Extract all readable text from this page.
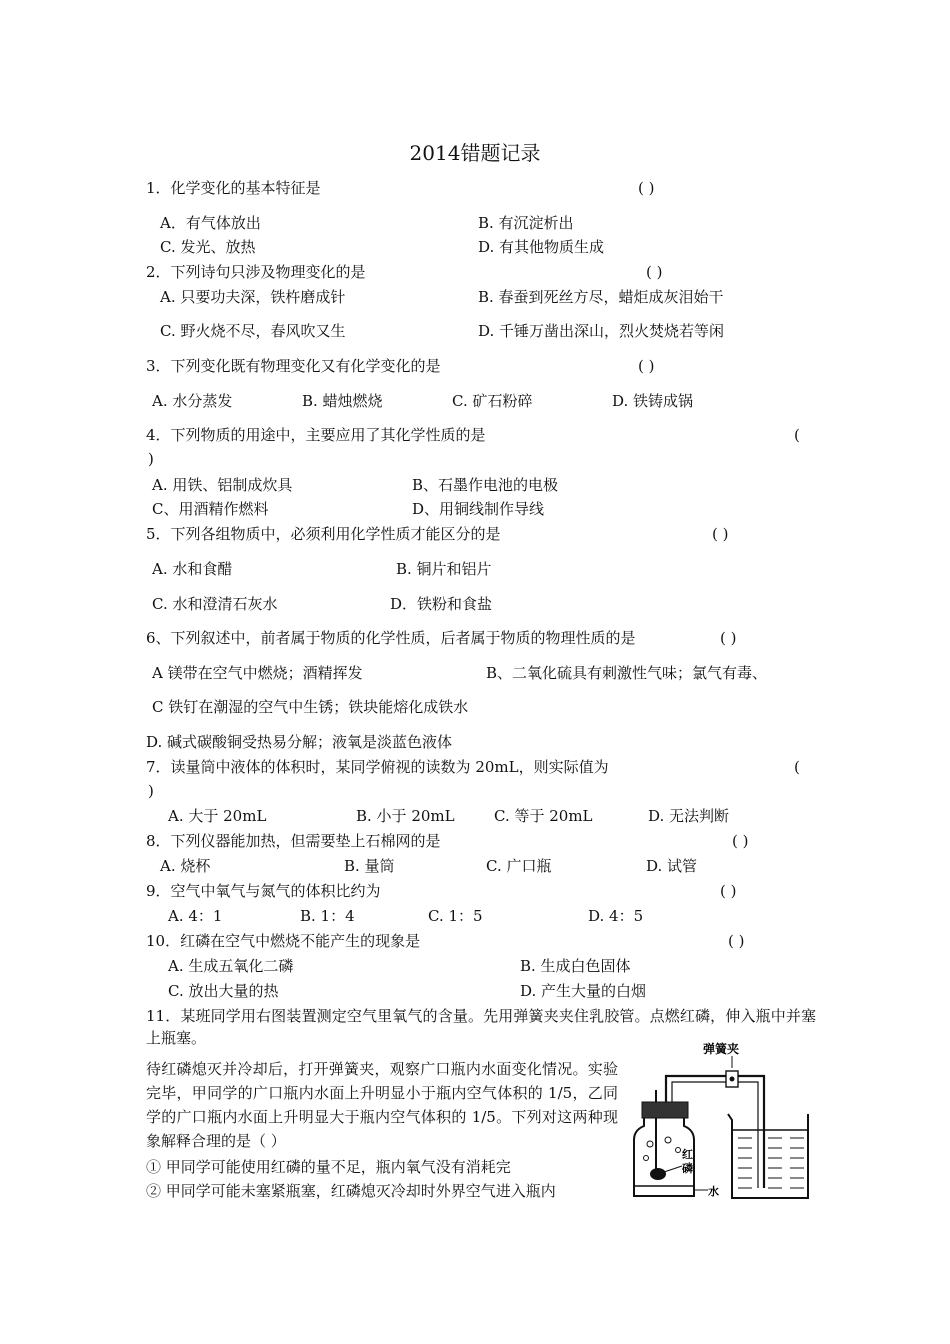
2014错题记录
1．化学变化的基本特征是	( )
A．有气体放出	B. 有沉淀析出
C. 发光、放热	D. 有其他物质生成
2．下列诗句只涉及物理变化的是	( )
A. 只要功夫深，铁杵磨成针	B. 春蚕到死丝方尽，蜡炬成灰泪始干
C. 野火烧不尽，春风吹又生	D. 千锤万凿出深山，烈火焚烧若等闲
3．下列变化既有物理变化又有化学变化的是	( )
A. 水分蒸发	B. 蜡烛燃烧	C. 矿石粉碎	D. 铁铸成锅
4．下列物质的用途中，主要应用了其化学性质的是	(
)
A. 用铁、铝制成炊具	B、石墨作电池的电极
C、用酒精作燃料	D、用铜线制作导线
5．下列各组物质中，必须利用化学性质才能区分的是	( )
A. 水和食醋	B. 铜片和铝片
C. 水和澄清石灰水	D．铁粉和食盐
6、下列叙述中，前者属于物质的化学性质，后者属于物质的物理性质的是	( )
A 镁带在空气中燃烧；酒精挥发	B、二氧化硫具有刺激性气味；氯气有毒、
C 铁钉在潮湿的空气中生锈；铁块能熔化成铁水
D. 碱式碳酸铜受热易分解；液氧是淡蓝色液体
7．读量筒中液体的体积时，某同学俯视的读数为 20mL，则实际值为	(
)
A. 大于 20mL	B. 小于 20mL	C. 等于 20mL	D. 无法判断
8．下列仪器能加热，但需要垫上石棉网的是	( )
A. 烧杯	B. 量筒	C. 广口瓶	D. 试管
9．空气中氧气与氮气的体积比约为	( )
A. 4：1	B. 1：4	C. 1：5	D. 4：5
10．红磷在空气中燃烧不能产生的现象是	( )
A. 生成五氧化二磷	B. 生成白色固体
C. 放出大量的热	D. 产生大量的白烟
11．某班同学用右图装置测定空气里氧气的含量。先用弹簧夹夹住乳胶管。点燃红磷，伸入瓶中并塞上瓶塞。
待红磷熄灭并冷却后，打开弹簧夹，观察广口瓶内水面变化情况。实验完毕，甲同学的广口瓶内水面上升明显小于瓶内空气体积的 1/5，乙同学的广口瓶内水面上升明显大于瓶内空气体积的 1/5。下列对这两种现象解释合理的是（ ）
① 甲同学可能使用红磷的量不足，瓶内氧气没有消耗完
② 甲同学可能未塞紧瓶塞，红磷熄灭冷却时外界空气进入瓶内
弹簧夹
红
磷
水
